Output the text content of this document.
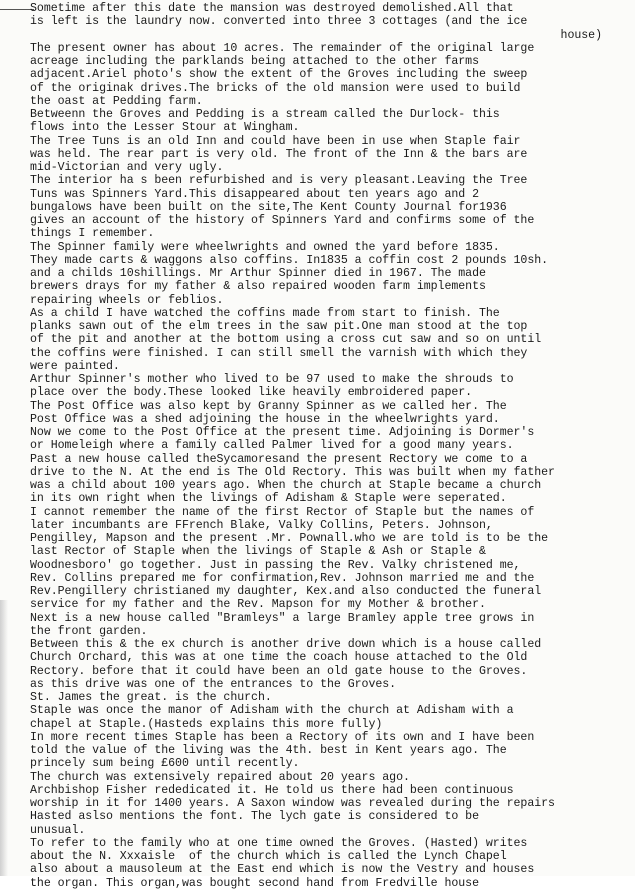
Sometime after this date the mansion was destroyed demolished.All that
is left is the laundry now. converted into three 3 cottages (and the ice
house)
The present owner has about 10 acres. The remainder of the original large
acreage including the parklands being attached to the other farms
adjacent.Ariel photo's show the extent of the Groves including the sweep
of the originak drives.The bricks of the old mansion were used to build
the oast at Pedding farm.
Betweenn the Groves and Pedding is a stream called the Durlock- this
flows into the Lesser Stour at Wingham.
The Tree Tuns is an old Inn and could have been in use when Staple fair
was held. The rear part is very old. The front of the Inn & the bars are
mid-Victorian and very ugly.
The interior ha s been refurbished and is very pleasant.Leaving the Tree
Tuns was Spinners Yard.This disappeared about ten years ago and 2
bungalows have been built on the site,The Kent County Journal for1936
gives an account of the history of Spinners Yard and confirms some of the
things I remember.
The Spinner family were wheelwrights and owned the yard before 1835.
They made carts & waggons also coffins. In1835 a coffin cost 2 pounds 10sh.
and a childs 10shillings. Mr Arthur Spinner died in 1967. The made
brewers drays for my father & also repaired wooden farm implements
repairing wheels or feblios.
As a child I have watched the coffins made from start to finish. The
planks sawn out of the elm trees in the saw pit.One man stood at the top
of the pit and another at the bottom using a cross cut saw and so on until
the coffins were finished. I can still smell the varnish with which they
were painted.
Arthur Spinner's mother who lived to be 97 used to make the shrouds to
place over the body.These looked like heavily embroidered paper.
The Post Office was also kept by Granny Spinner as we called her. The
Post Office was a shed adjoining the house in the wheelwrights yard.
Now we come to the Post Office at the present time. Adjoining is Dormer's
or Homeleigh where a family called Palmer lived for a good many years.
Past a new house called theSycamoresand the present Rectory we come to a
drive to the N. At the end is The Old Rectory. This was built when my father
was a child about 100 years ago. When the church at Staple became a church
in its own right when the livings of Adisham & Staple were seperated.
I cannot remember the name of the first Rector of Staple but the names of
later incumbants are FFrench Blake, Valky Collins, Peters. Johnson,
Pengilley, Mapson and the present .Mr. Pownall.who we are told is to be the
last Rector of Staple when the livings of Staple & Ash or Staple &
Woodnesboro' go together. Just in passing the Rev. Valky christened me,
Rev. Collins prepared me for confirmation,Rev. Johnson married me and the
Rev.Pengillery christianed my daughter, Kex.and also conducted the funeral
service for my father and the Rev. Mapson for my Mother & brother.
Next is a new house called "Bramleys" a large Bramley apple tree grows in
the front garden.
Between this & the ex church is another drive down which is a house called
Church Orchard, this was at one time the coach house attached to the Old
Rectory. before that it could have been an old gate house to the Groves.
as this drive was one of the entrances to the Groves.
St. James the great. is the church.
Staple was once the manor of Adisham with the church at Adisham with a
chapel at Staple.(Hasteds explains this more fully)
In more recent times Staple has been a Rectory of its own and I have been
told the value of the living was the 4th. best in Kent years ago. The
princely sum being £600 until recently.
The church was extensively repaired about 20 years ago.
Archbishop Fisher rededicated it. He told us there had been continuous
worship in it for 1400 years. A Saxon window was revealed during the repairs
Hasted aslso mentions the font. The lych gate is considered to be
unusual.
To refer to the family who at one time owned the Groves. (Hasted) writes
about the N. Xxxaisle  of the church which is called the Lynch Chapel
also about a mausoleum at the East end which is now the Vestry and houses
the organ. This organ,was bought second hand from Fredville house
